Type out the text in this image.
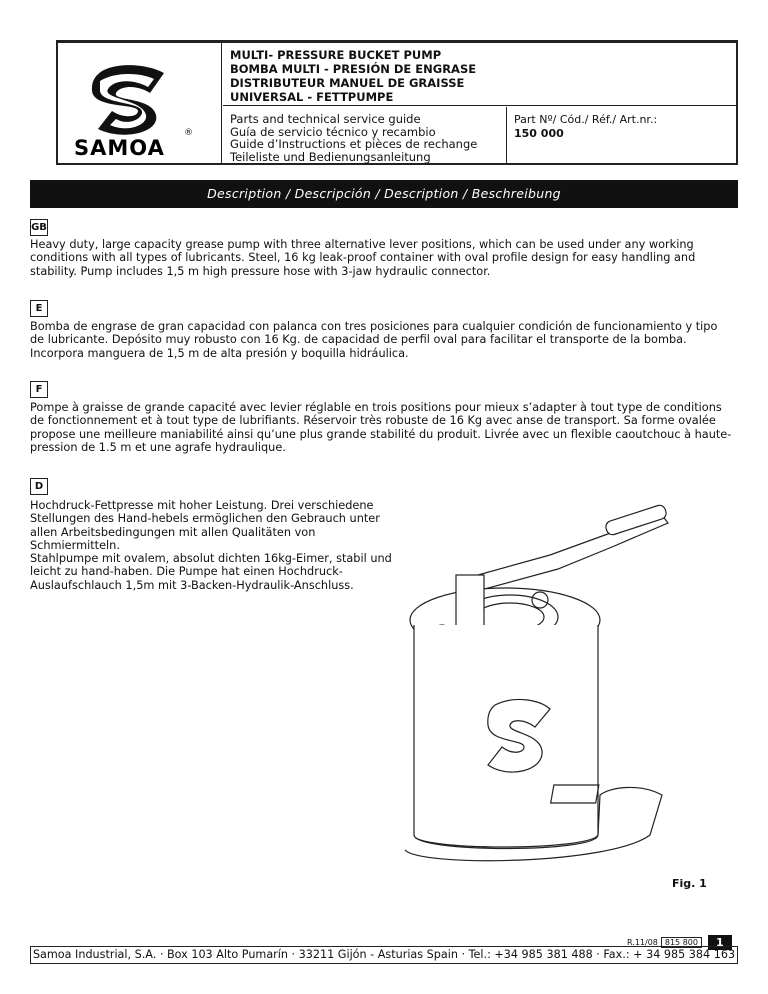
®
SAMOA
MULTI- PRESSURE BUCKET PUMP
BOMBA MULTI - PRESIÓN DE ENGRASE
DISTRIBUTEUR MANUEL DE GRAISSE
UNIVERSAL - FETTPUMPE
Parts and technical service guide
Guía de servicio técnico y recambio
Guide d’Instructions et pièces de rechange
Teileliste und Bedienungsanleitung
Part Nº/ Cód./ Réf./ Art.nr.:
150 000
Description / Descripción / Description / Beschreibung
GB
Heavy duty, large capacity grease pump with three alternative lever positions, which can be used under any working conditions with all types of lubricants. Steel, 16 kg leak-proof container with oval profile design for easy handling and stability. Pump includes 1,5 m high pressure hose with 3-jaw hydraulic connector.
E
Bomba de engrase de gran capacidad con palanca con tres posiciones para cualquier condición de funcionamiento y tipo de lubricante. Depósito muy robusto con 16 Kg. de capacidad de perfil oval para facilitar el transporte de la bomba. Incorpora manguera de 1,5 m de alta presión y boquilla hidráulica.
F
Pompe à graisse de grande capacité avec levier réglable en trois positions pour mieux s’adapter à tout type de conditions de fonctionnement et à tout type de lubrifiants. Réservoir très robuste de 16 Kg avec anse de transport. Sa forme ovalée propose une meilleure maniabilité ainsi qu’une plus grande stabilité du produit. Livrée avec un flexible caoutchouc à haute-pression de 1.5 m et une agrafe hydraulique.
D
Hochdruck-Fettpresse mit hoher Leistung. Drei verschiedene Stellungen des Hand-hebels ermöglichen den Gebrauch unter allen Arbeitsbedingungen mit allen Qualitäten von Schmiermitteln.
Stahlpumpe mit ovalem, absolut dichten 16kg-Eimer, stabil und leicht zu hand-haben. Die Pumpe hat einen Hochdruck-Auslaufschlauch 1,5m mit 3-Backen-Hydraulik-Anschluss.
Fig. 1
R.11/08 815 800	1
Samoa Industrial, S.A. · Box 103 Alto Pumarín · 33211 Gijón - Asturias Spain · Tel.: +34 985 381 488 · Fax.: + 34 985 384 163
